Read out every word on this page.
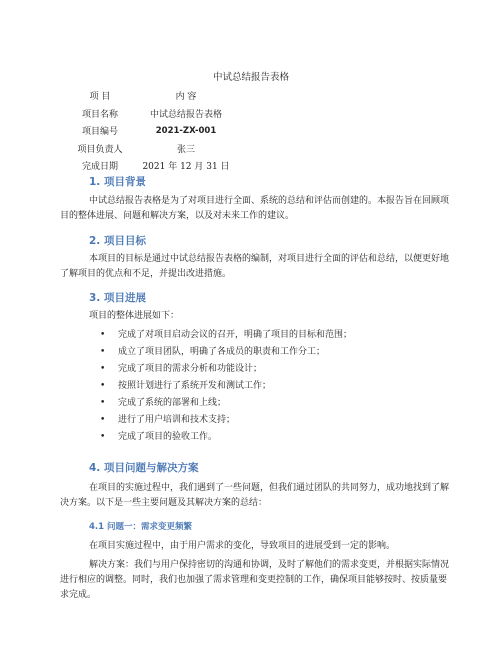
中试总结报告表格
项 目	内 容
项目名称	中试总结报告表格
项目编号	2021-ZX-001
项目负责人	张三
完成日期	2021 年 12 月 31 日
1. 项目背景
中试总结报告表格是为了对项目进行全面、系统的总结和评估而创建的。本报告旨在回顾项目的整体进展、问题和解决方案，以及对未来工作的建议。
2. 项目目标
本项目的目标是通过中试总结报告表格的编制，对项目进行全面的评估和总结，以便更好地了解项目的优点和不足，并提出改进措施。
3. 项目进展
项目的整体进展如下：
• 完成了对项目启动会议的召开，明确了项目的目标和范围；
• 成立了项目团队，明确了各成员的职责和工作分工；
• 完成了项目的需求分析和功能设计；
• 按照计划进行了系统开发和测试工作；
• 完成了系统的部署和上线；
• 进行了用户培训和技术支持；
• 完成了项目的验收工作。
4. 项目问题与解决方案
在项目的实施过程中，我们遇到了一些问题，但我们通过团队的共同努力，成功地找到了解决方案。以下是一些主要问题及其解决方案的总结：
4.1 问题一：需求变更频繁
在项目实施过程中，由于用户需求的变化，导致项目的进展受到一定的影响。
解决方案：我们与用户保持密切的沟通和协调，及时了解他们的需求变更，并根据实际情况进行相应的调整。同时，我们也加强了需求管理和变更控制的工作，确保项目能够按时、按质量要求完成。
